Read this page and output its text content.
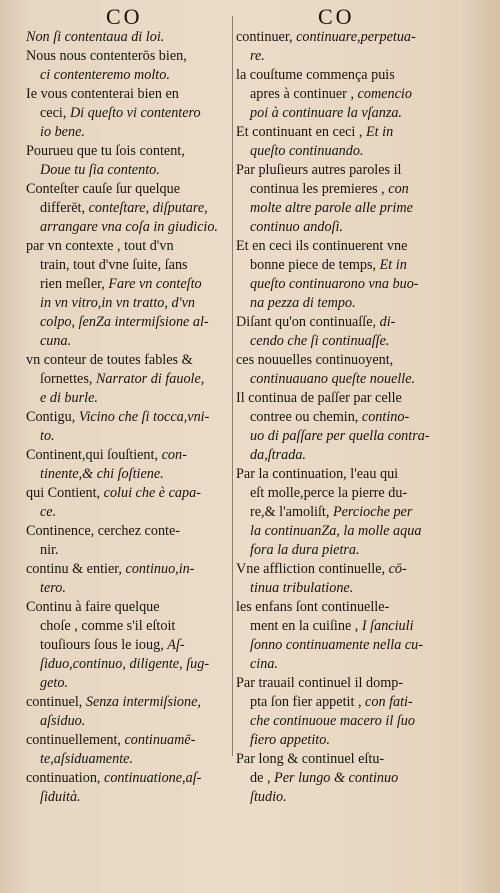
CO	CO
Non ſi contentaua di loi.
Nous nous contenterōs bien,
ci contenteremo molto.
Ie vous contenterai bien en
ceci, Di queſto vi contentero
io bene.
Pourueu que tu ſois content,
Doue tu ſia contento.
Conteſter cauſe ſur quelque
differēt, conteſtare, diſputare,
arrangare vna coſa in giudicio.
par vn contexte , tout d'vn
train, tout d'vne ſuite, ſans
rien meſler, Fare vn conteſto
in vn vitro,in vn tratto, d'vn
colpo, ſenZa intermiſsione al-
cuna.
vn conteur de toutes fables &
ſornettes, Narrator di fauole,
e di burle.
Contigu, Vicino che ſi tocca,vni-
to.
Continent,qui ſouſtient, con-
tinente,& chi ſoſtiene.
qui Contient, colui che è capa-
ce.
Continence, cerchez conte-
nir.
continu & entier, continuo,in-
tero.
Continu à faire quelque
choſe , comme s'il eſtoit
touſiours ſous le ioug, Aſ-
ſiduo,continuo, diligente, ſug-
geto.
continuel, Senza intermiſsione,
aſsiduo.
continuellement, continuamē-
te,aſsiduamente.
continuation, continuatione,aſ-
ſiduità.
continuer, continuare,perpetua-
re.
la couſtume commença puis
apres à continuer , comencio
poi à continuare la vſanza.
Et continuant en ceci , Et in
queſto continuando.
Par pluſieurs autres paroles il
continua les premieres , con
molte altre parole alle prime
continuo andoſi.
Et en ceci ils continuerent vne
bonne piece de temps, Et in
queſto continuarono vna buo-
na pezza di tempo.
Diſant qu'on continuaſſe, di-
cendo che ſi continuaſſe.
ces nouuelles continuoyent,
continuauano queſte nouelle.
Il continua de paſſer par celle
contree ou chemin, contino-
uo di paſſare per quella contra-
da,ſtrada.
Par la continuation, l'eau qui
eſt molle,perce la pierre du-
re,& l'amoliſt, Percioche per
la continuanZa, la molle aqua
fora la dura pietra.
Vne affliction continuelle, cō-
tinua tribulatione.
les enfans ſont continuelle-
ment en la cuiſine , I ſanciuli
ſonno continuamente nella cu-
cina.
Par trauail continuel il domp-
pta ſon fier appetit , con fati-
che continuoue macero il ſuo
fiero appetito.
Par long & continuel eſtu-
de , Per lungo & continuo
ſtudio.
